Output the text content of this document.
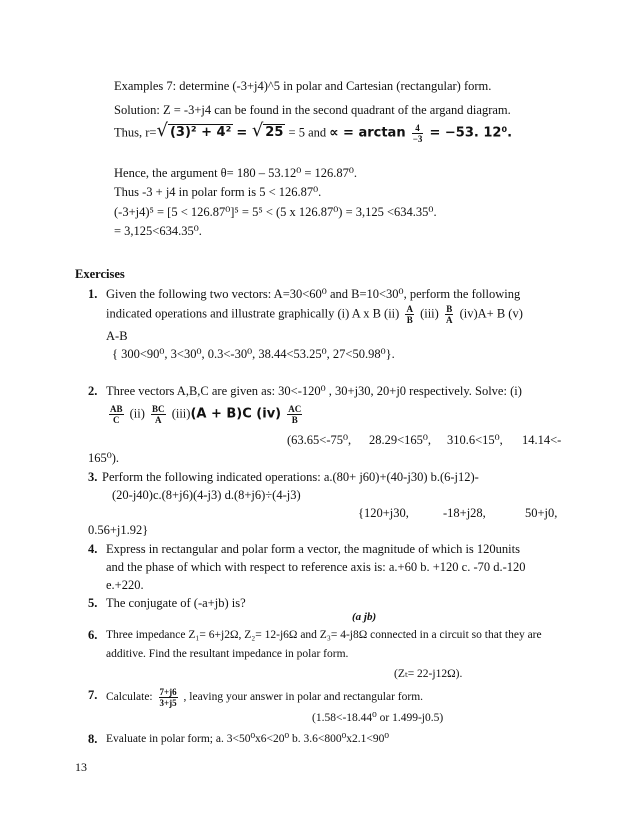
Examples 7: determine (-3+j4)^5 in polar and Cartesian (rectangular) form.
Solution: Z = -3+j4 can be found in the second quadrant of the argand diagram.
Thus, r=√ (3)² + 4² = √ 25 = 5 and ∝ = $\arctan \frac{4}{-3} = -53$. 12⁰.
Hence, the argument θ= 180 – 53.12⁰ = 126.87⁰.
Thus -3 + j4 in polar form is 5 < 126.87⁰.
(-3+j4)⁵ = [5 < 126.87⁰]⁵ = 5⁵ < (5 x 126.87⁰) = 3,125 <634.35⁰.
= 3,125<634.35⁰.
Exercises
1. Given the following two vectors: A=30<60⁰ and B=10<30⁰, perform the following
indicated operations and illustrate graphically (i) A x B $(ii) \frac{A}{B} (iii) \frac{B}{A} (iv)A+ B$ (v)
A-B
{ 300<90⁰, 3<30⁰, 0.3<-30⁰, 38.44<53.25⁰, 27<50.98⁰}.
2. Three vectors A,B,C are given as: 30<-120⁰ , 30+j30, 20+j0 respectively. Solve: (i)
$\frac{AB}{C} (ii) \frac{BC}{A} (iii)(A + B)C$ $(iv) \frac{AC}{B}$
(63.65<-75⁰, 28.29<165⁰, 310.6<15⁰, 14.14<-
165⁰).
3. Perform the following indicated operations: a.(80+ j60)+(40-j30) b.(6-j12)-
(20-j40)c.(8+j6)(4-j3) d.(8+j6)÷(4-j3)
{120+j30,	-18+j28,	50+j0,
0.56+j1.92}
4. Express in rectangular and polar form a vector, the magnitude of which is 120units
and the phase of which with respect to reference axis is: a.+60 b. +120 c. -70 d.-120
e.+220.
5. The conjugate of (-a+jb) is?
(a jb)
6. Three impedance Z₁= 6+j2Ω, Z₂= 12-j6Ω and Z₃= 4-j8Ω connected in a circuit so that they are
additive. Find the resultant impedance in polar form.
(Zₜ= 22-j12Ω).
7. Calculate: $\frac{7+j6}{3+j5}$ , leaving your answer in polar and rectangular form.
(1.58<-18.44⁰ or 1.499-j0.5)
8. Evaluate in polar form; a. 3<50⁰x6<20⁰ b. 3.6<800⁰x2.1<90⁰
13
